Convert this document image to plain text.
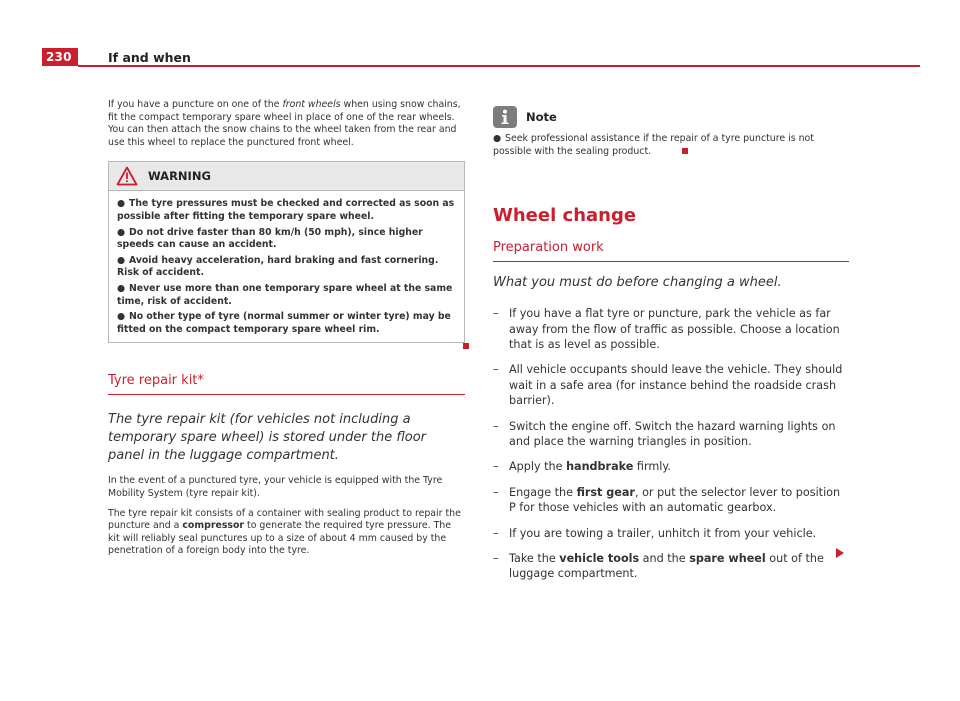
230	If and when

If you have a puncture on one of the front wheels when using snow chains, fit the compact temporary spare wheel in place of one of the rear wheels. You can then attach the snow chains to the wheel taken from the rear and use this wheel to replace the punctured front wheel.

WARNING
● The tyre pressures must be checked and corrected as soon as possible after fitting the temporary spare wheel.
● Do not drive faster than 80 km/h (50 mph), since higher speeds can cause an accident.
● Avoid heavy acceleration, hard braking and fast cornering. Risk of accident.
● Never use more than one temporary spare wheel at the same time, risk of accident.
● No other type of tyre (normal summer or winter tyre) may be fitted on the compact temporary spare wheel rim.
Tyre repair kit*

The tyre repair kit (for vehicles not including a temporary spare wheel) is stored under the floor panel in the luggage compartment.

In the event of a punctured tyre, your vehicle is equipped with the Tyre Mobility System (tyre repair kit).

The tyre repair kit consists of a container with sealing product to repair the puncture and a compressor to generate the required tyre pressure. The kit will reliably seal punctures up to a size of about 4 mm caused by the penetration of a foreign body into the tyre.

Note
● Seek professional assistance if the repair of a tyre puncture is not possible with the sealing product.
Wheel change
Preparation work

What you must do before changing a wheel.

– If you have a flat tyre or puncture, park the vehicle as far away from the flow of traffic as possible. Choose a location that is as level as possible.
– All vehicle occupants should leave the vehicle. They should wait in a safe area (for instance behind the roadside crash barrier).
– Switch the engine off. Switch the hazard warning lights on and place the warning triangles in position.
– Apply the handbrake firmly.
– Engage the first gear, or put the selector lever to position P for those vehicles with an automatic gearbox.
– If you are towing a trailer, unhitch it from your vehicle.
– Take the vehicle tools and the spare wheel out of the luggage compartment.
